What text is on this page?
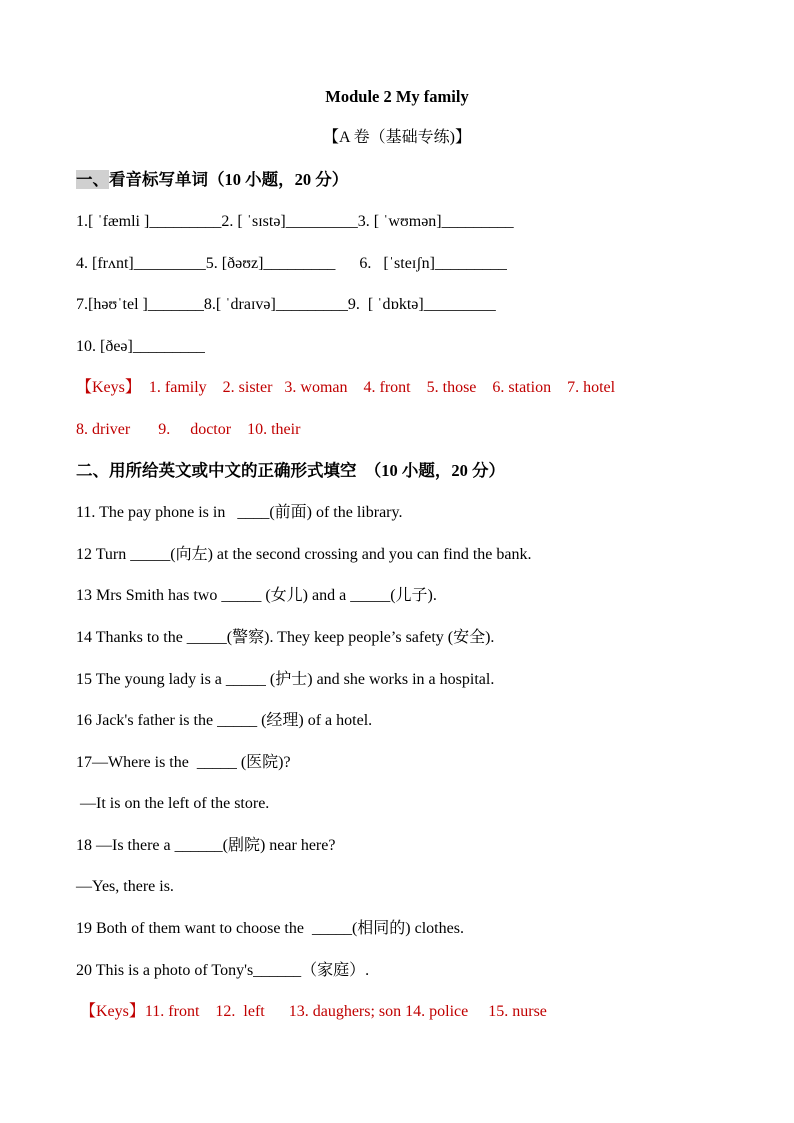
Module 2 My family
【A 卷（基础专练)】
一、看音标写单词（10 小题，20 分）
1.[ ˈfæmli ]_________2. [ ˈsɪstə]_________3. [ ˈwʊmən]_________
4. [frʌnt]_________5. [ðəʊz]_________      6.   [ˈsteɪʃn]_________
7.[həʊˈtel ]_______8.[ ˈdraɪvə]_________9.  [ ˈdɒktə]_________
10. [ðeə]_________
【Keys】  1. family    2. sister   3. woman    4. front    5. those    6. station    7. hotel
8. driver       9.     doctor    10. their
二、用所给英文或中文的正确形式填空  （10 小题，20 分）
11. The pay phone is in   ____(前面) of the library.
12 Turn _____(向左) at the second crossing and you can find the bank.
13 Mrs Smith has two _____ (女儿) and a _____(儿子).
14 Thanks to the _____(警察). They keep people’s safety (安全).
15 The young lady is a _____ (护士) and she works in a hospital.
16 Jack's father is the _____ (经理) of a hotel.
17—Where is the  _____ (医院)?
—It is on the left of the store.
18 —Is there a ______(剧院) near here?
—Yes, there is.
19 Both of them want to choose the  _____(相同的) clothes.
20 This is a photo of Tony's______（家庭）.
【Keys】11. front    12.  left      13. daughers; son 14. police     15. nurse
